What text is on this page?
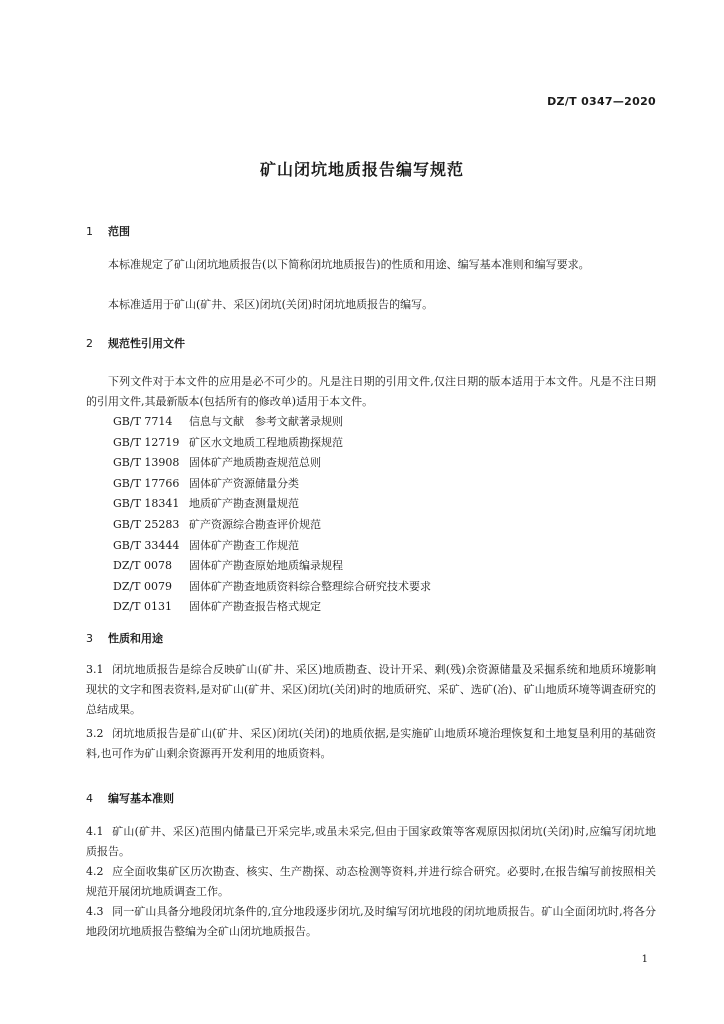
DZ/T 0347—2020
矿山闭坑地质报告编写规范
1 范围
本标准规定了矿山闭坑地质报告(以下简称闭坑地质报告)的性质和用途、编写基本准则和编写要求。
本标准适用于矿山(矿井、采区)闭坑(关闭)时闭坑地质报告的编写。
2 规范性引用文件
下列文件对于本文件的应用是必不可少的。凡是注日期的引用文件,仅注日期的版本适用于本文件。凡是不注日期的引用文件,其最新版本(包括所有的修改单)适用于本文件。
GB/T 7714	信息与文献　参考文献著录规则
GB/T 12719 矿区水文地质工程地质勘探规范
GB/T 13908 固体矿产地质勘查规范总则
GB/T 17766 固体矿产资源储量分类
GB/T 18341 地质矿产勘查测量规范
GB/T 25283 矿产资源综合勘查评价规范
GB/T 33444 固体矿产勘查工作规范
DZ/T 0078	固体矿产勘查原始地质编录规程
DZ/T 0079	固体矿产勘查地质资料综合整理综合研究技术要求
DZ/T 0131	固体矿产勘查报告格式规定
3 性质和用途
3.1 闭坑地质报告是综合反映矿山(矿井、采区)地质勘查、设计开采、剩(残)余资源储量及采掘系统和地质环境影响现状的文字和图表资料,是对矿山(矿井、采区)闭坑(关闭)时的地质研究、采矿、选矿(冶)、矿山地质环境等调查研究的总结成果。
3.2 闭坑地质报告是矿山(矿井、采区)闭坑(关闭)的地质依据,是实施矿山地质环境治理恢复和土地复垦利用的基础资料,也可作为矿山剩余资源再开发利用的地质资料。
4 编写基本准则
4.1 矿山(矿井、采区)范围内储量已开采完毕,或虽未采完,但由于国家政策等客观原因拟闭坑(关闭)时,应编写闭坑地质报告。
4.2 应全面收集矿区历次勘查、核实、生产勘探、动态检测等资料,并进行综合研究。必要时,在报告编写前按照相关规范开展闭坑地质调查工作。
4.3 同一矿山具备分地段闭坑条件的,宜分地段逐步闭坑,及时编写闭坑地段的闭坑地质报告。矿山全面闭坑时,将各分地段闭坑地质报告整编为全矿山闭坑地质报告。
1
